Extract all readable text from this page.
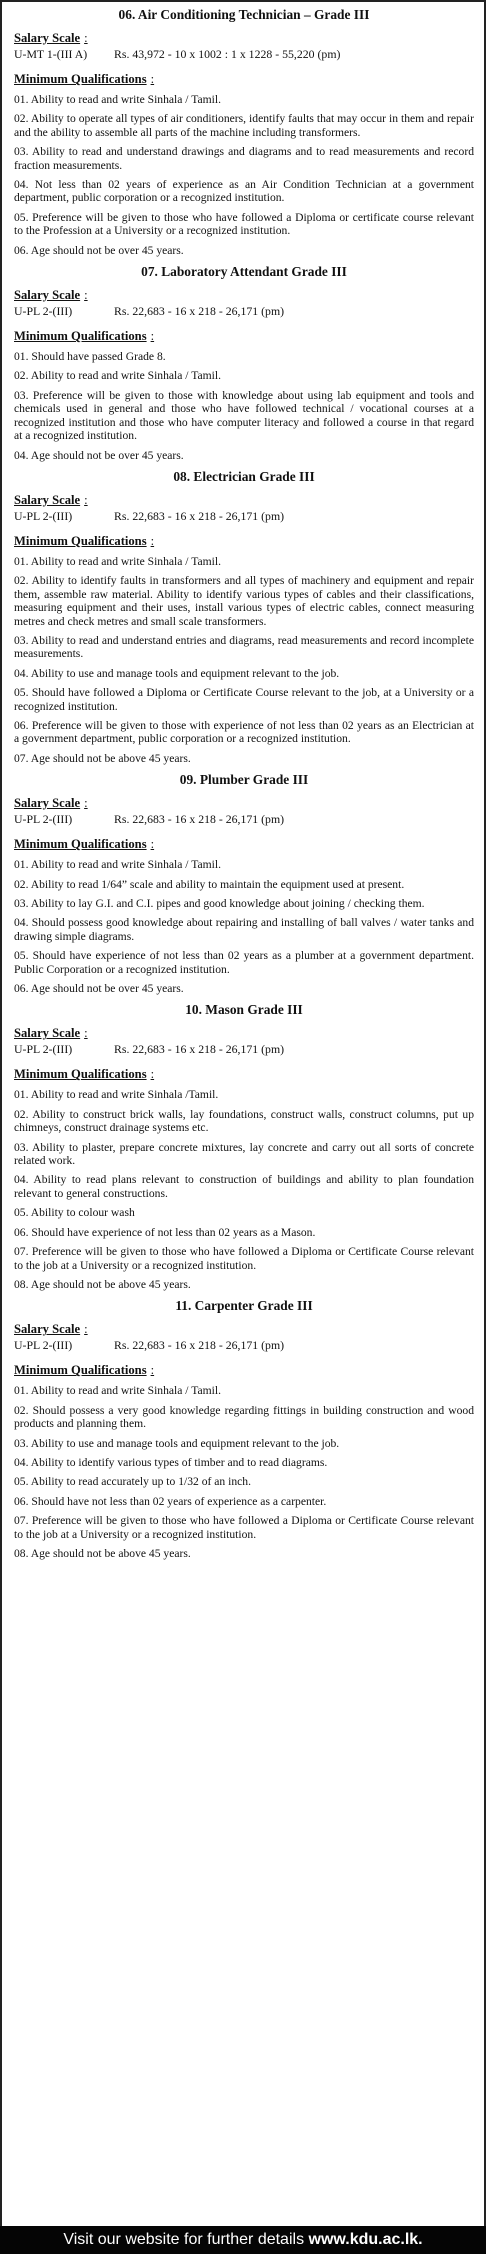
06. Air Conditioning Technician – Grade III
Salary Scale :
U-MT 1-(III A)	Rs. 43,972 - 10 x 1002 : 1 x 1228 - 55,220 (pm)
Minimum Qualifications :

01. Ability to read and write Sinhala / Tamil.

02. Ability to operate all types of air conditioners, identify faults that may occur in them and repair and the ability to assemble all parts of the machine including transformers.

03. Ability to read and understand drawings and diagrams and to read measurements and record fraction measurements.

04. Not less than 02 years of experience as an Air Condition Technician at a government department, public corporation or a recognized institution.

05. Preference will be given to those who have followed a Diploma or certificate course relevant to the Profession at a University or a recognized institution.

06. Age should not be over 45 years.

07. Laboratory Attendant Grade III
Salary Scale :
U-PL 2-(III)	Rs. 22,683 - 16 x 218 - 26,171 (pm)
Minimum Qualifications :

01. Should have passed Grade 8.

02. Ability to read and write Sinhala / Tamil.

03. Preference will be given to those with knowledge about using lab equipment and tools and chemicals used in general and those who have followed technical / vocational courses at a recognized institution and those who have computer literacy and followed a course in that regard at a recognized institution.

04. Age should not be over 45 years.

08. Electrician Grade III
Salary Scale :
U-PL 2-(III)	Rs. 22,683 - 16 x 218 - 26,171 (pm)
Minimum Qualifications :

01. Ability to read and write Sinhala / Tamil.

02. Ability to identify faults in transformers and all types of machinery and equipment and repair them, assemble raw material. Ability to identify various types of cables and their classifications, measuring equipment and their uses, install various types of electric cables, connect measuring metres and check metres and small scale transformers.

03. Ability to read and understand entries and diagrams, read measurements and record incomplete measurements.

04. Ability to use and manage tools and equipment relevant to the job.

05. Should have followed a Diploma or Certificate Course relevant to the job, at a University or a recognized institution.

06. Preference will be given to those with experience of not less than 02 years as an Electrician at a government department, public corporation or a recognized institution.

07. Age should not be above 45 years.

09. Plumber Grade III
Salary Scale :
U-PL 2-(III)	Rs. 22,683 - 16 x 218 - 26,171 (pm)
Minimum Qualifications :

01. Ability to read and write Sinhala / Tamil.

02. Ability to read 1/64” scale and ability to maintain the equipment used at present.

03. Ability to lay G.I. and C.I. pipes and good knowledge about joining / checking them.

04. Should possess good knowledge about repairing and installing of ball valves / water tanks and drawing simple diagrams.

05. Should have experience of not less than 02 years as a plumber at a government department. Public Corporation or a recognized institution.

06. Age should not be over 45 years.

10. Mason Grade III
Salary Scale :
U-PL 2-(III)	Rs. 22,683 - 16 x 218 - 26,171 (pm)
Minimum Qualifications :

01. Ability to read and write Sinhala /Tamil.

02. Ability to construct brick walls, lay foundations, construct walls, construct columns, put up chimneys, construct drainage systems etc.

03. Ability to plaster, prepare concrete mixtures, lay concrete and carry out all sorts of concrete related work.

04. Ability to read plans relevant to construction of buildings and ability to plan foundation relevant to general constructions.

05. Ability to colour wash

06. Should have experience of not less than 02 years as a Mason.

07. Preference will be given to those who have followed a Diploma or Certificate Course relevant to the job at a University or a recognized institution.

08. Age should not be above 45 years.

11. Carpenter Grade III
Salary Scale :
U-PL 2-(III)	Rs. 22,683 - 16 x 218 - 26,171 (pm)
Minimum Qualifications :

01. Ability to read and write Sinhala / Tamil.

02. Should possess a very good knowledge regarding fittings in building construction and wood products and planning them.

03. Ability to use and manage tools and equipment relevant to the job.

04. Ability to identify various types of timber and to read diagrams.

05. Ability to read accurately up to 1/32 of an inch.

06. Should have not less than 02 years of experience as a carpenter.

07. Preference will be given to those who have followed a Diploma or Certificate Course relevant to the job at a University or a recognized institution.

08. Age should not be above 45 years.

Visit our website for further details www.kdu.ac.lk.
